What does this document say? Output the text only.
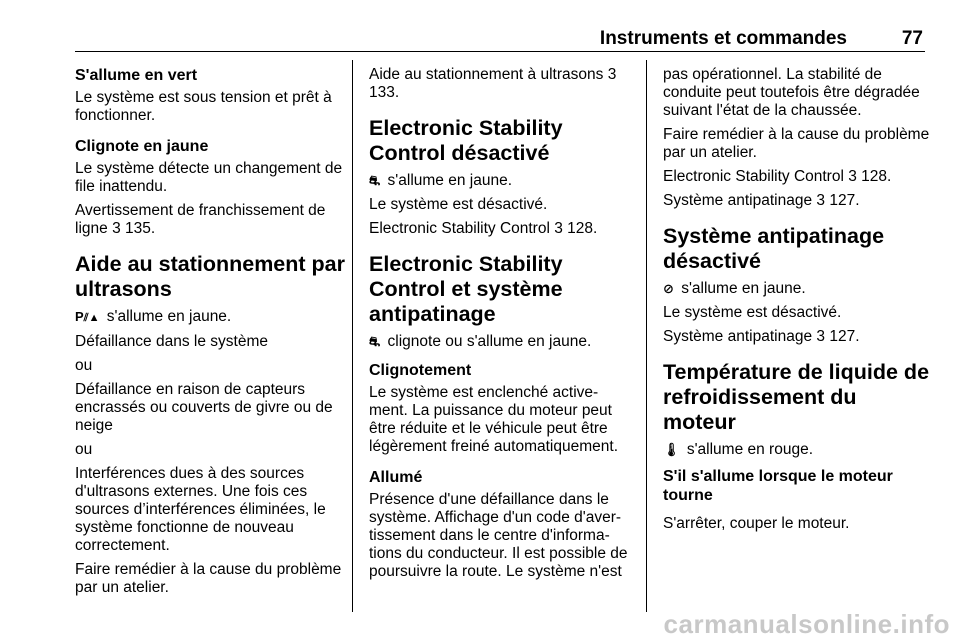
Instruments et commandes	77
S'allume en vert

Le système est sous tension et prêt à fonctionner.

Clignote en jaune

Le système détecte un changement de file inattendu.

Avertissement de franchissement de ligne 3 135.

Aide au stationnement par ultrasons

P⫽▲ s'allume en jaune.

Défaillance dans le système

ou

Défaillance en raison de capteurs encrassés ou couverts de givre ou de neige

ou

Interférences dues à des sources d'ultrasons externes. Une fois ces sources d’interférences éliminées, le système fonctionne de nouveau correctement.

Faire remédier à la cause du problème par un atelier.

Aide au stationnement à ultrasons 3 133.

Electronic Stability Control désactivé

⛐ s'allume en jaune.

Le système est désactivé.

Electronic Stability Control 3 128.

Electronic Stability Control et système antipatinage

⛐ clignote ou s'allume en jaune.

Clignotement

Le système est enclenché active- ment. La puissance du moteur peut être réduite et le véhicule peut être légèrement freiné automatiquement.

Allumé

Présence d'une défaillance dans le système. Affichage d'un code d'aver- tissement dans le centre d'informa- tions du conducteur. Il est possible de poursuivre la route. Le système n'est

pas opérationnel. La stabilité de conduite peut toutefois être dégradée suivant l'état de la chaussée.

Faire remédier à la cause du problème par un atelier.

Electronic Stability Control 3 128.

Système antipatinage 3 127.

Système antipatinage désactivé

⊘ s'allume en jaune.

Le système est désactivé.

Système antipatinage 3 127.

Température de liquide de refroidissement du moteur

🌡 s'allume en rouge.

S'il s'allume lorsque le moteur tourne

S'arrêter, couper le moteur.

carmanualsonline.info
